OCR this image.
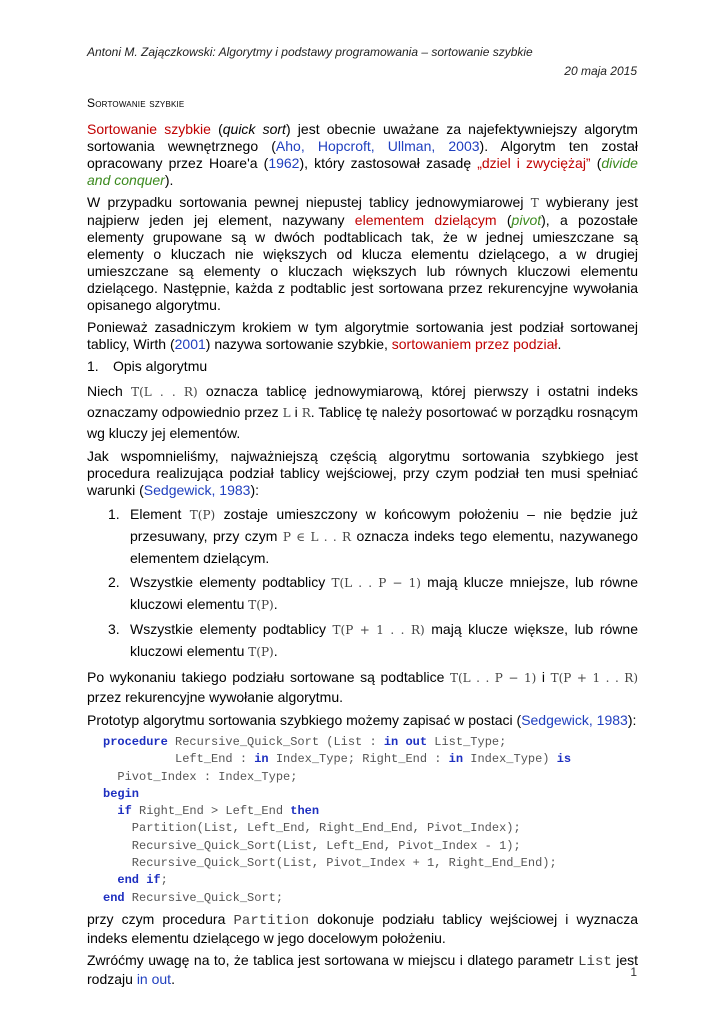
Antoni M. Zajączkowski: Algorytmy i podstawy programowania – sortowanie szybkie
20 maja 2015
Sortowanie szybkie

Sortowanie szybkie (quick sort) jest obecnie uważane za najefektywniejszy algorytm sortowania wewnętrznego (Aho, Hopcroft, Ullman, 2003). Algorytm ten został opracowany przez Hoare'a (1962), który zastosował zasadę „dziel i zwyciężaj” (divide and conquer).

W przypadku sortowania pewnej niepustej tablicy jednowymiarowej T wybierany jest najpierw jeden jej element, nazywany elementem dzielącym (pivot), a pozostałe elementy grupowane są w dwóch podtablicach tak, że w jednej umieszczane są elementy o kluczach nie większych od klucza elementu dzielącego, a w drugiej umieszczane są elementy o kluczach większych lub równych kluczowi elementu dzielącego. Następnie, każda z podtablic jest sortowana przez rekurencyjne wywołania opisanego algorytmu.

Ponieważ zasadniczym krokiem w tym algorytmie sortowania jest podział sortowanej tablicy, Wirth (2001) nazywa sortowanie szybkie, sortowaniem przez podział.

1. Opis algorytmu

Niech T(L . . R) oznacza tablicę jednowymiarową, której pierwszy i ostatni indeks oznaczamy odpowiednio przez L i R. Tablicę tę należy posortować w porządku rosnącym wg kluczy jej elementów.

Jak wspomnieliśmy, najważniejszą częścią algorytmu sortowania szybkiego jest procedura realizująca podział tablicy wejściowej, przy czym podział ten musi spełniać warunki (Sedgewick, 1983):

1. Element T(P) zostaje umieszczony w końcowym położeniu – nie będzie już przesuwany, przy czym P ∈ L . . R oznacza indeks tego elementu, nazywanego elementem dzielącym.
2. Wszystkie elementy podtablicy T(L . . P − 1) mają klucze mniejsze, lub równe kluczowi elementu T(P).
3. Wszystkie elementy podtablicy T(P + 1 . . R) mają klucze większe, lub równe kluczowi elementu T(P).

Po wykonaniu takiego podziału sortowane są podtablice T(L . . P − 1) i T(P + 1 . . R) przez rekurencyjne wywołanie algorytmu.

Prototyp algorytmu sortowania szybkiego możemy zapisać w postaci (Sedgewick, 1983):

procedure Recursive_Quick_Sort (List : in out List_Type;
Left_End : in Index_Type; Right_End : in Index_Type) is
Pivot_Index : Index_Type;
begin
if Right_End > Left_End then
Partition(List, Left_End, Right_End_End, Pivot_Index);
Recursive_Quick_Sort(List, Left_End, Pivot_Index - 1);
Recursive_Quick_Sort(List, Pivot_Index + 1, Right_End_End);
end if;
end Recursive_Quick_Sort;

przy czym procedura Partition dokonuje podziału tablicy wejściowej i wyznacza indeks elementu dzielącego w jego docelowym położeniu.

Zwróćmy uwagę na to, że tablica jest sortowana w miejscu i dlatego parametr List jest rodzaju in out.	1
